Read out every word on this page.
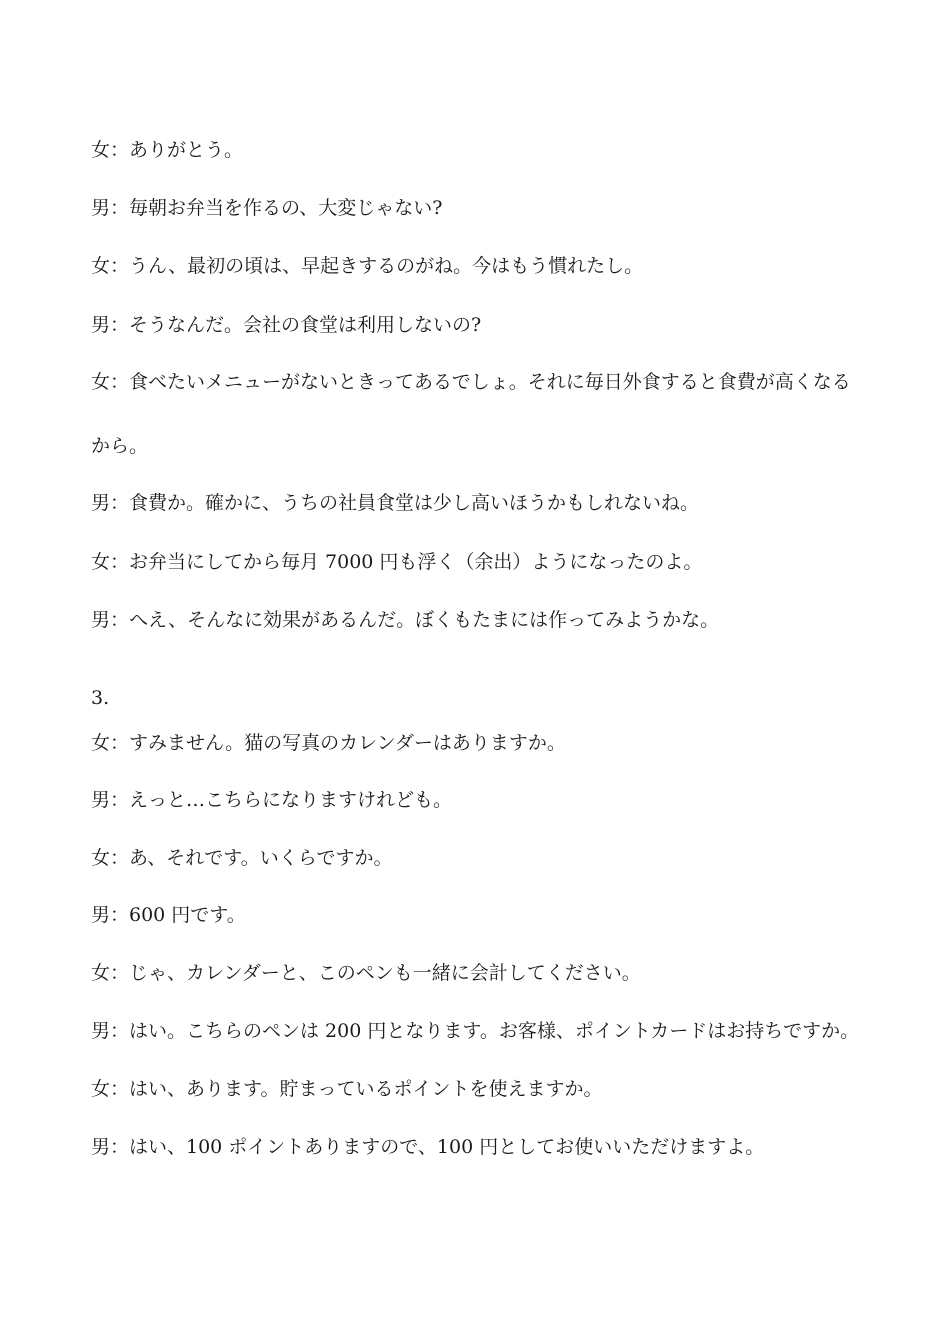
女：ありがとう。
男：毎朝お弁当を作るの、大変じゃない?
女：うん、最初の頃は、早起きするのがね。今はもう慣れたし。
男：そうなんだ。会社の食堂は利用しないの?
女：食べたいメニューがないときってあるでしょ。それに毎日外食すると食費が高くなる
から。
男：食費か。確かに、うちの社員食堂は少し高いほうかもしれないね。
女：お弁当にしてから毎月 7000 円も浮く（余出）ようになったのよ。
男：へえ、そんなに効果があるんだ。ぼくもたまには作ってみようかな。
3.
女：すみません。猫の写真のカレンダーはありますか。
男：えっと…こちらになりますけれども。
女：あ、それです。いくらですか。
男：600 円です。
女：じゃ、カレンダーと、このペンも一緒に会計してください。
男：はい。こちらのペンは 200 円となります。お客様、ポイントカードはお持ちですか。
女：はい、あります。貯まっているポイントを使えますか。
男：はい、100 ポイントありますので、100 円としてお使いいただけますよ。
